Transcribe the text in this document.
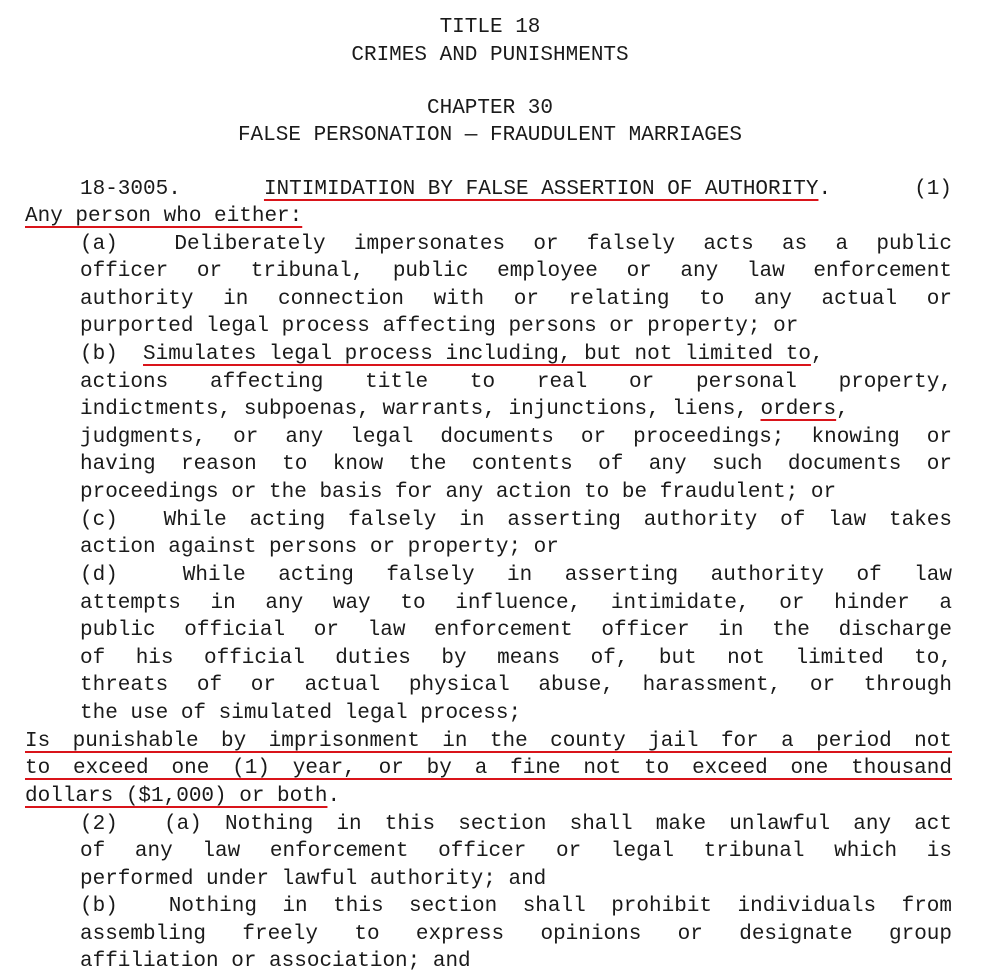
TITLE 18
CRIMES AND PUNISHMENTS
CHAPTER 30
FALSE PERSONATION — FRAUDULENT MARRIAGES
18-3005.	INTIMIDATION BY FALSE ASSERTION OF AUTHORITY.	(1)
Any person who either:
(a)  Deliberately impersonates or falsely acts as a public
officer or tribunal, public employee or any law enforcement
authority in connection with or relating to any actual or
purported legal process affecting persons or property; or
(b) Simulates legal process including, but not limited to ,
actions affecting title to real or personal property,
indictments, subpoenas, warrants, injunctions, liens, orders ,
judgments, or any legal documents or proceedings; knowing or
having reason to know the contents of any such documents or
proceedings or the basis for any action to be fraudulent; or
(c)  While acting falsely in asserting authority of law takes
action against persons or property; or
(d)  While acting falsely in asserting authority of law
attempts in any way to influence, intimidate, or hinder a
public official or law enforcement officer in the discharge
of his official duties by means of, but not limited to,
threats of or actual physical abuse, harassment, or through
the use of simulated legal process;
Is punishable by imprisonment in the county jail for a period not
to exceed one (1) year, or by a fine not to exceed one thousand
dollars ($1,000) or both.
(2)  (a) Nothing in this section shall make unlawful any act
of any law enforcement officer or legal tribunal which is
performed under lawful authority; and
(b)  Nothing in this section shall prohibit individuals from
assembling freely to express opinions or designate group
affiliation or association; and
